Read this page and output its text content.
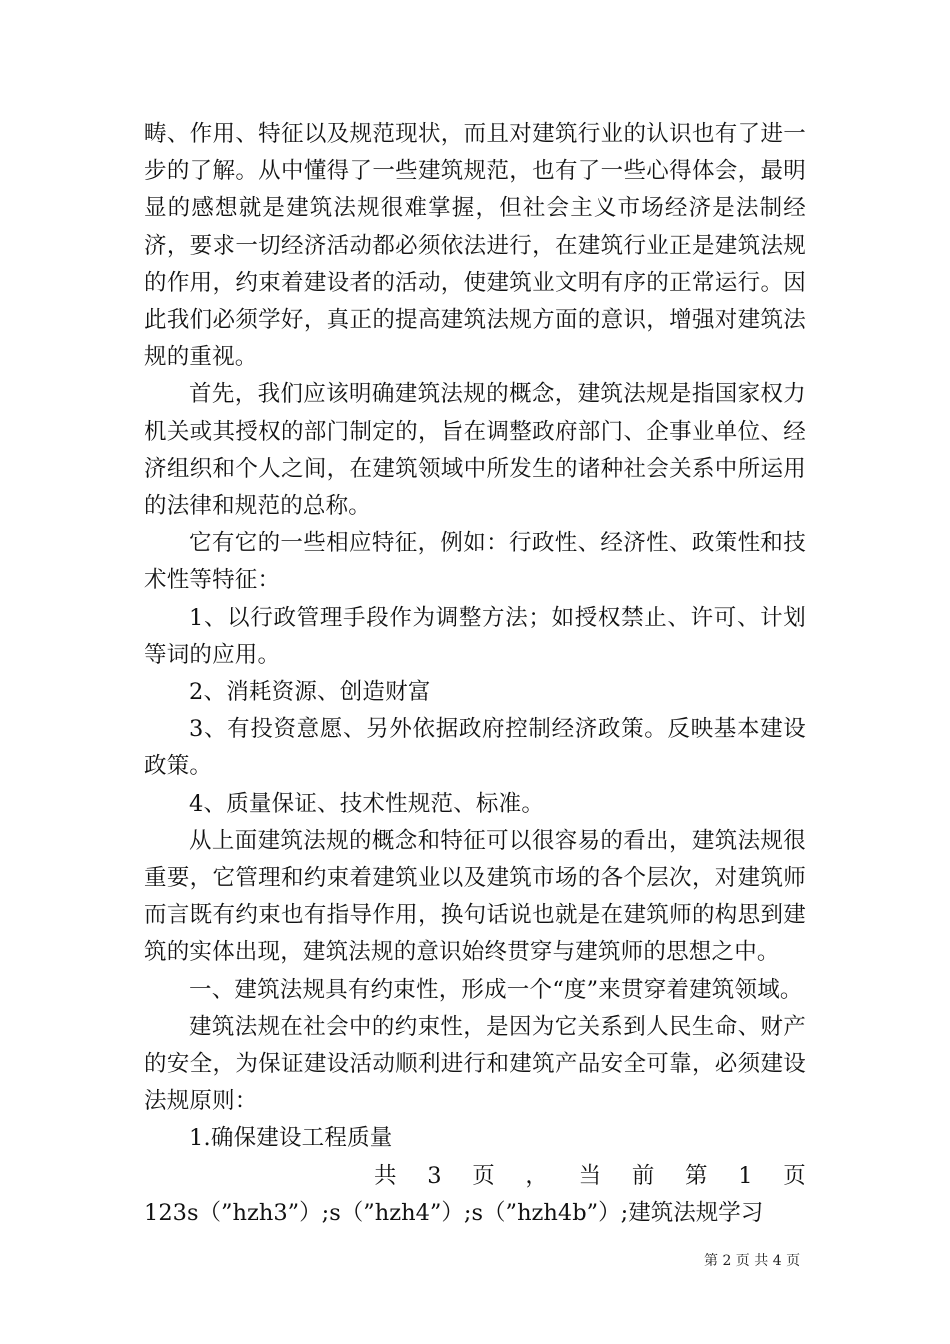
畴、作用、特征以及规范现状，而且对建筑行业的认识也有了进一步的了解。从中懂得了一些建筑规范，也有了一些心得体会，最明显的感想就是建筑法规很难掌握，但社会主义市场经济是法制经济，要求一切经济活动都必须依法进行，在建筑行业正是建筑法规的作用，约束着建设者的活动，使建筑业文明有序的正常运行。因此我们必须学好，真正的提高建筑法规方面的意识，增强对建筑法规的重视。

首先，我们应该明确建筑法规的概念，建筑法规是指国家权力机关或其授权的部门制定的，旨在调整政府部门、企事业单位、经济组织和个人之间，在建筑领域中所发生的诸种社会关系中所运用的法律和规范的总称。

它有它的一些相应特征，例如：行政性、经济性、政策性和技术性等特征：

1、以行政管理手段作为调整方法；如授权禁止、许可、计划等词的应用。

2、消耗资源、创造财富

3、有投资意愿、另外依据政府控制经济政策。反映基本建设政策。

4、质量保证、技术性规范、标准。

从上面建筑法规的概念和特征可以很容易的看出，建筑法规很重要，它管理和约束着建筑业以及建筑市场的各个层次，对建筑师而言既有约束也有指导作用，换句话说也就是在建筑师的构思到建筑的实体出现，建筑法规的意识始终贯穿与建筑师的思想之中。

一、建筑法规具有约束性，形成一个“度”来贯穿着建筑领域。

建筑法规在社会中的约束性，是因为它关系到人民生命、财产的安全，为保证建设活动顺利进行和建筑产品安全可靠，必须建设法规原则：

1.确保建设工程质量

共 3 页 ， 当 前 第 1 页

123s（”hzh3”）;s（”hzh4”）;s（”hzh4b”）;建筑法规学习

第 2 页 共 4 页
